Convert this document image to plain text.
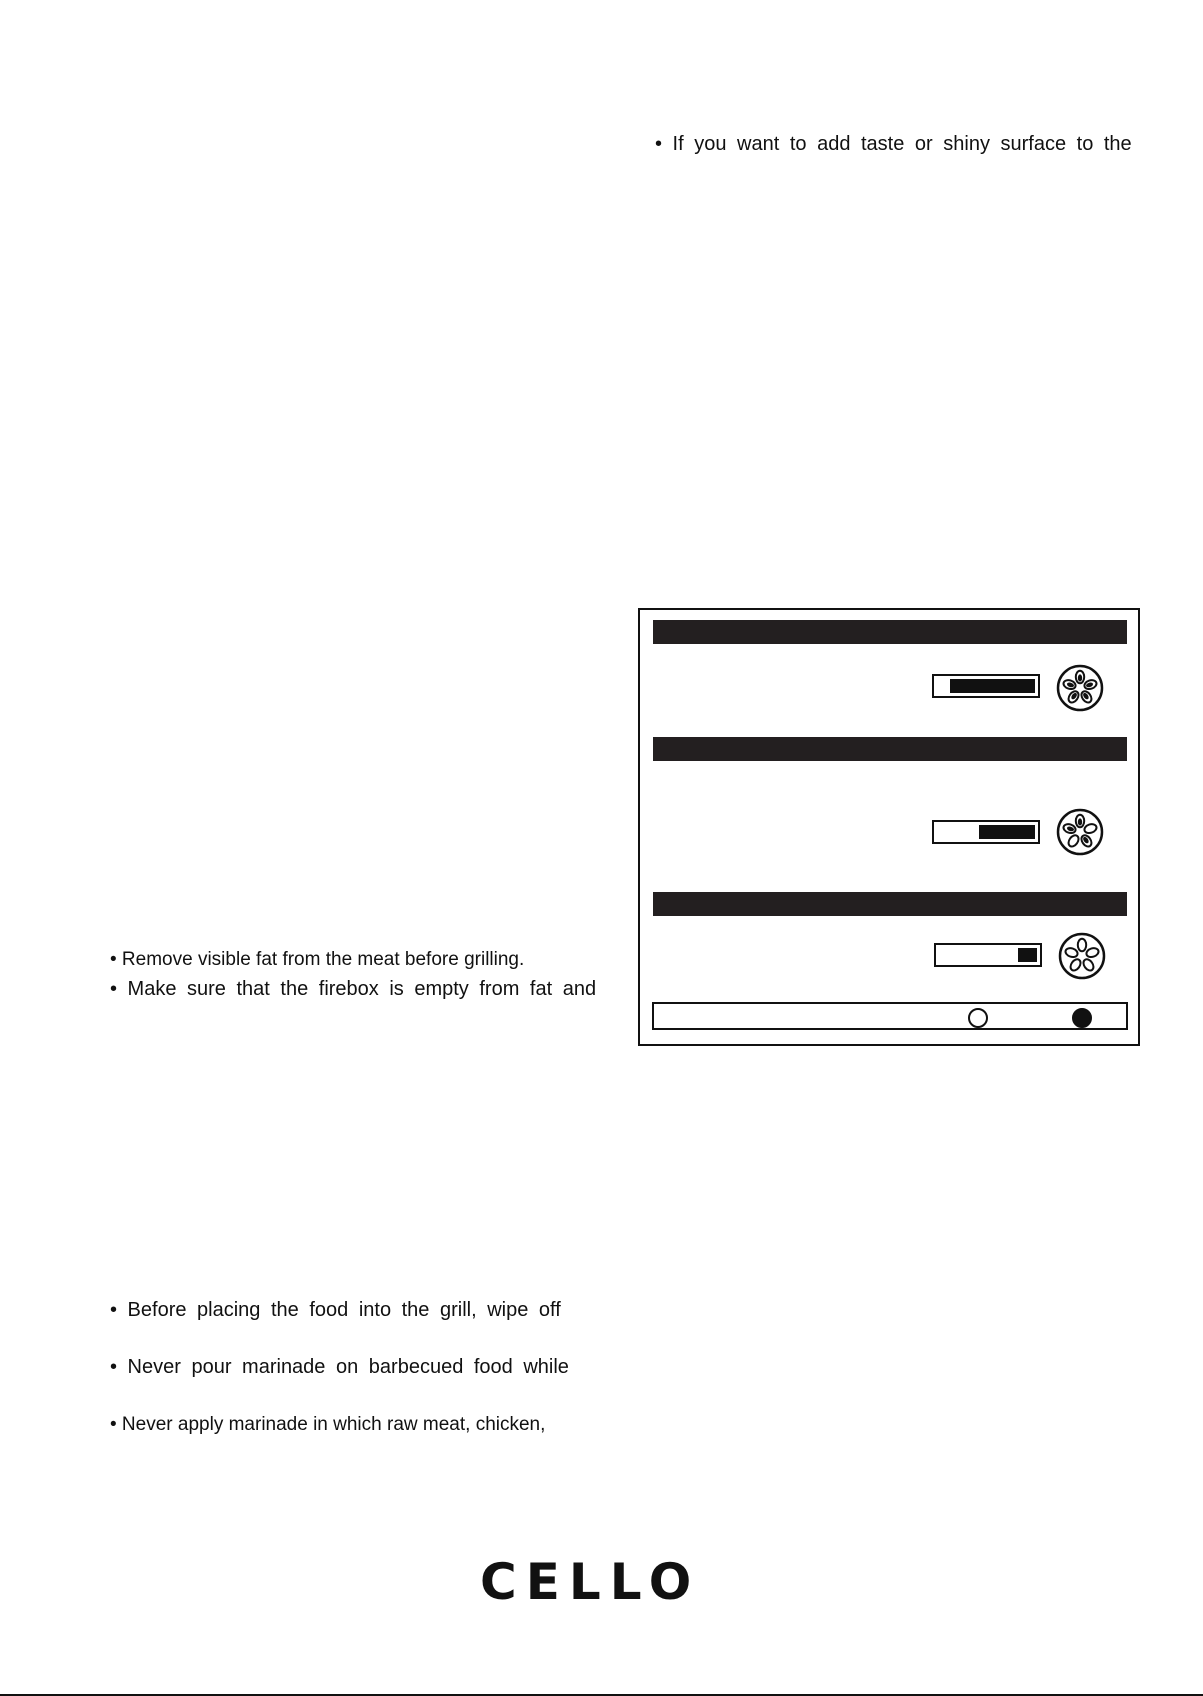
• If you want to add taste or shiny surface to the
• Remove visible fat from the meat before grilling.
• Make sure that the firebox is empty from fat and
• Before placing the food into the grill, wipe off
• Never pour marinade on barbecued food while
• Never apply marinade in which raw meat, chicken,
CELLO
